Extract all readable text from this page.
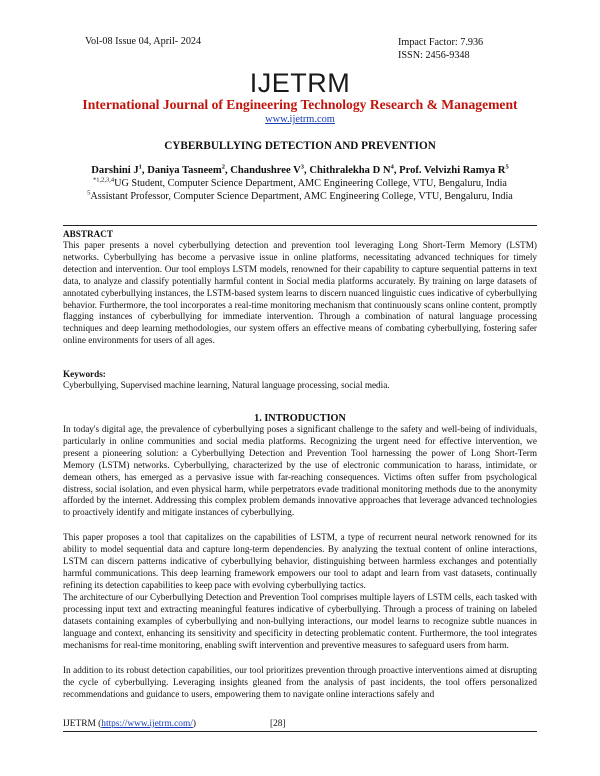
Vol-08 Issue 04, April- 2024	Impact Factor: 7.936
ISSN: 2456-9348
IJETRM
International Journal of Engineering Technology Research & Management
www.ijetrm.com
CYBERBULLYING DETECTION AND PREVENTION
Darshini $J^1$, Daniya Tasneem$^2$, Chandushree $V^3$, Chithralekha D $N^4$, Prof. Velvizhi Ramya $R^5$
$^{*1,2,3,4}$UG Student, Computer Science Department, AMC Engineering College, VTU, Bengaluru, India
$^5$Assistant Professor, Computer Science Department, AMC Engineering College, VTU, Bengaluru, India
ABSTRACT
This paper presents a novel cyberbullying detection and prevention tool leveraging Long Short-Term Memory (LSTM) networks. Cyberbullying has become a pervasive issue in online platforms, necessitating advanced techniques for timely detection and intervention. Our tool employs LSTM models, renowned for their capability to capture sequential patterns in text data, to analyze and classify potentially harmful content in Social media platforms accurately. By training on large datasets of annotated cyberbullying instances, the LSTM-based system learns to discern nuanced linguistic cues indicative of cyberbullying behavior. Furthermore, the tool incorporates a real-time monitoring mechanism that continuously scans online content, promptly flagging instances of cyberbullying for immediate intervention. Through a combination of natural language processing techniques and deep learning methodologies, our system offers an effective means of combating cyberbullying, fostering safer online environments for users of all ages.
Keywords:
Cyberbullying, Supervised machine learning, Natural language processing, social media.
1. INTRODUCTION
In today's digital age, the prevalence of cyberbullying poses a significant challenge to the safety and well-being of individuals, particularly in online communities and social media platforms. Recognizing the urgent need for effective intervention, we present a pioneering solution: a Cyberbullying Detection and Prevention Tool harnessing the power of Long Short-Term Memory (LSTM) networks. Cyberbullying, characterized by the use of electronic communication to harass, intimidate, or demean others, has emerged as a pervasive issue with far-reaching consequences. Victims often suffer from psychological distress, social isolation, and even physical harm, while perpetrators evade traditional monitoring methods due to the anonymity afforded by the internet. Addressing this complex problem demands innovative approaches that leverage advanced technologies to proactively identify and mitigate instances of cyberbullying.
This paper proposes a tool that capitalizes on the capabilities of LSTM, a type of recurrent neural network renowned for its ability to model sequential data and capture long-term dependencies. By analyzing the textual content of online interactions, LSTM can discern patterns indicative of cyberbullying behavior, distinguishing between harmless exchanges and potentially harmful communications. This deep learning framework empowers our tool to adapt and learn from vast datasets, continually refining its detection capabilities to keep pace with evolving cyberbullying tactics.
The architecture of our Cyberbullying Detection and Prevention Tool comprises multiple layers of LSTM cells, each tasked with processing input text and extracting meaningful features indicative of cyberbullying. Through a process of training on labeled datasets containing examples of cyberbullying and non-bullying interactions, our model learns to recognize subtle nuances in language and context, enhancing its sensitivity and specificity in detecting problematic content. Furthermore, the tool integrates mechanisms for real-time monitoring, enabling swift intervention and preventive measures to safeguard users from harm.
In addition to its robust detection capabilities, our tool prioritizes prevention through proactive interventions aimed at disrupting the cycle of cyberbullying. Leveraging insights gleaned from the analysis of past incidents, the tool offers personalized recommendations and guidance to users, empowering them to navigate online interactions safely and
IJETRM (https://www.ijetrm.com/)	[28]
